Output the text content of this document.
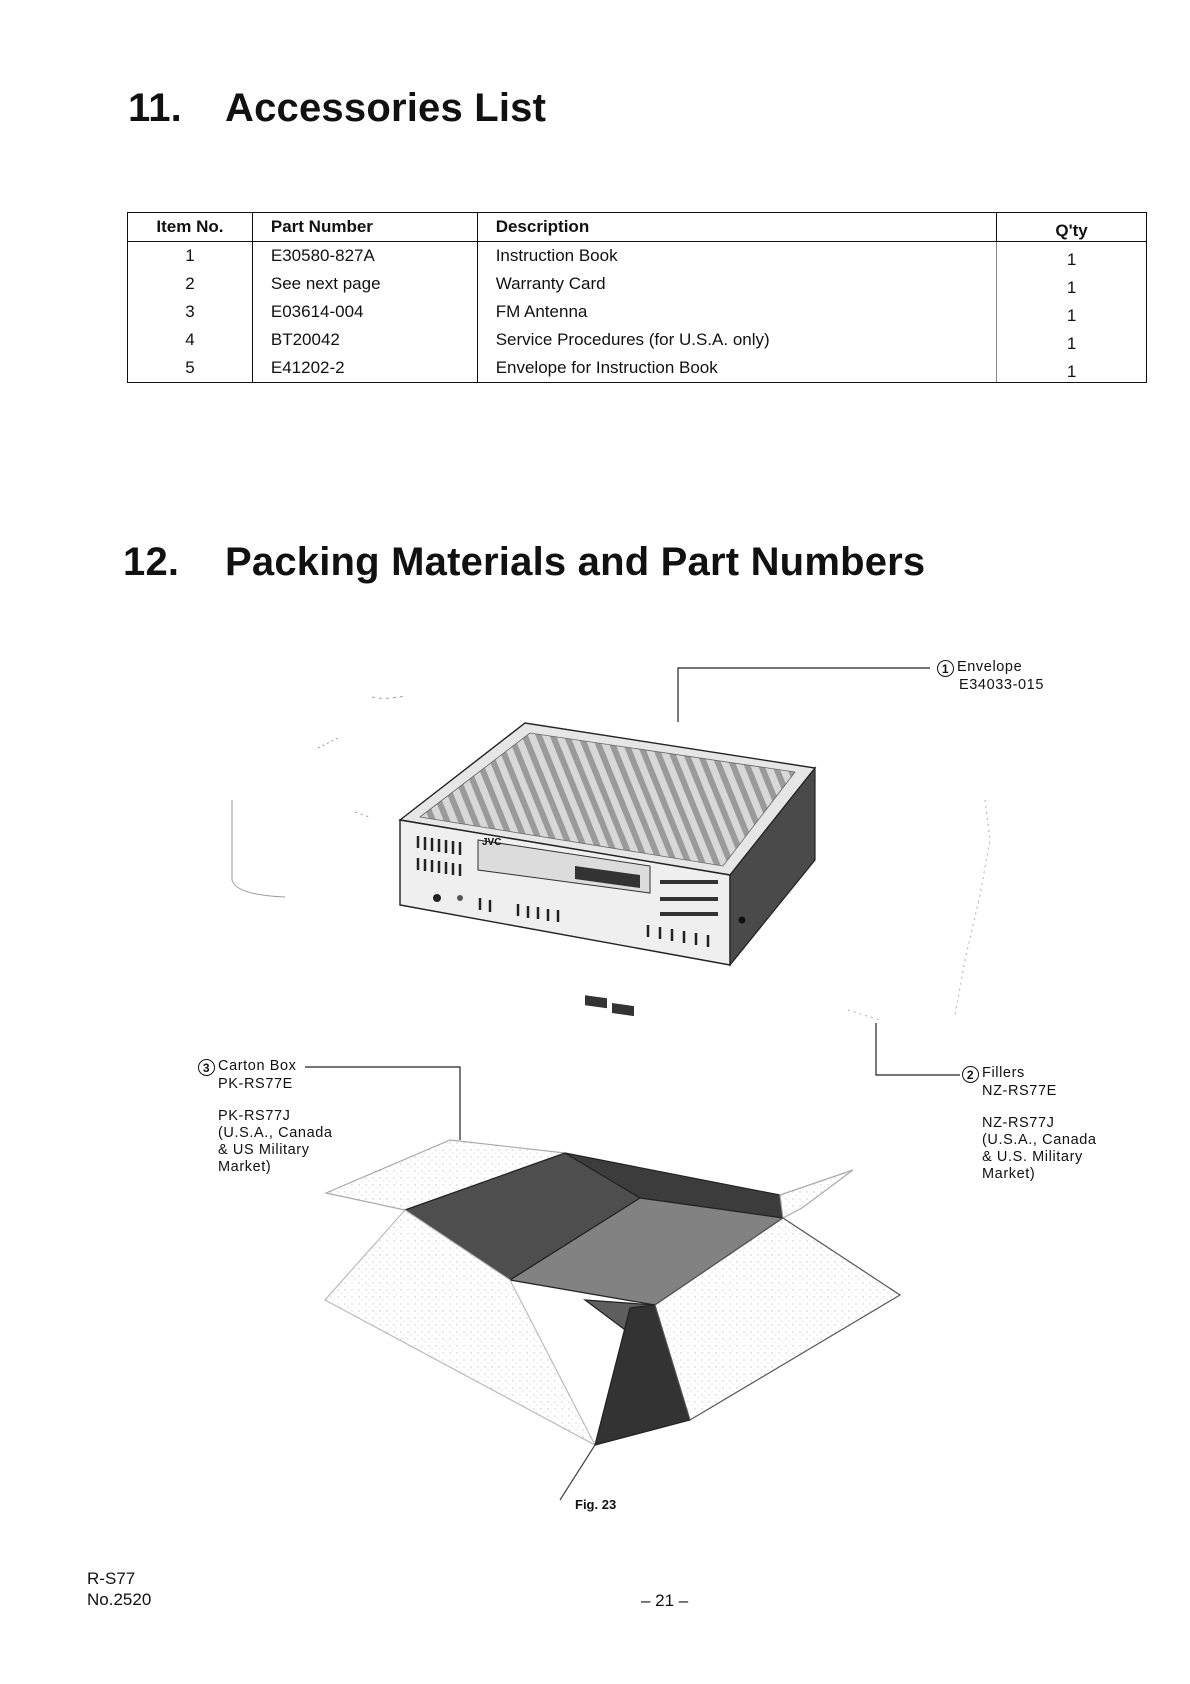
11. Accessories List
Item No.	Part Number	Description	Q'ty
1	E30580-827A	Instruction Book	1
2	See next page	Warranty Card	1
3	E03614-004	FM Antenna	1
4	BT20042	Service Procedures (for U.S.A. only)	1
5	E41202-2	Envelope for Instruction Book	1
12. Packing Materials and Part Numbers
JVC
1 Envelope
E34033-015
2 Fillers
NZ-RS77E
NZ-RS77J
(U.S.A., Canada
& U.S. Military
Market)
3 Carton Box
PK-RS77E
PK-RS77J
(U.S.A., Canada
& US Military
Market)
Fig. 23
R-S77
No.2520	– 21 –
